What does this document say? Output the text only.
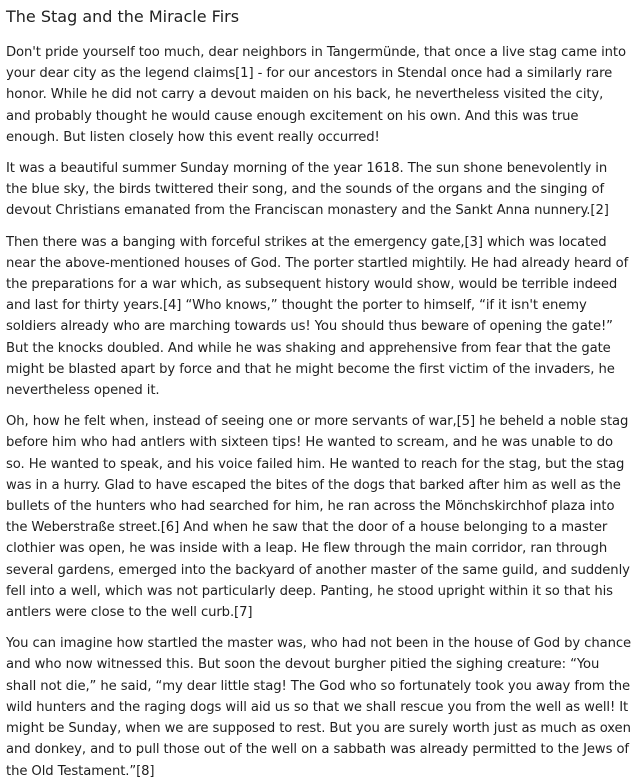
The Stag and the Miracle Firs

Don't pride yourself too much, dear neighbors in Tangermünde, that once a live stag came into your dear city as the legend claims[1] - for our ancestors in Stendal once had a similarly rare honor. While he did not carry a devout maiden on his back, he nevertheless visited the city, and probably thought he would cause enough excitement on his own. And this was true enough. But listen closely how this event really occurred!

It was a beautiful summer Sunday morning of the year 1618. The sun shone benevolently in the blue sky, the birds twittered their song, and the sounds of the organs and the singing of devout Christians emanated from the Franciscan monastery and the Sankt Anna nunnery.[2]

Then there was a banging with forceful strikes at the emergency gate,[3] which was located near the above-mentioned houses of God. The porter startled mightily. He had already heard of the preparations for a war which, as subsequent history would show, would be terrible indeed and last for thirty years.[4] “Who knows,” thought the porter to himself, “if it isn't enemy soldiers already who are marching towards us! You should thus beware of opening the gate!” But the knocks doubled. And while he was shaking and apprehensive from fear that the gate might be blasted apart by force and that he might become the first victim of the invaders, he nevertheless opened it.

Oh, how he felt when, instead of seeing one or more servants of war,[5] he beheld a noble stag before him who had antlers with sixteen tips! He wanted to scream, and he was unable to do so. He wanted to speak, and his voice failed him. He wanted to reach for the stag, but the stag was in a hurry. Glad to have escaped the bites of the dogs that barked after him as well as the bullets of the hunters who had searched for him, he ran across the Mönchskirchhof plaza into the Weberstraße street.[6] And when he saw that the door of a house belonging to a master clothier was open, he was inside with a leap. He flew through the main corridor, ran through several gardens, emerged into the backyard of another master of the same guild, and suddenly fell into a well, which was not particularly deep. Panting, he stood upright within it so that his antlers were close to the well curb.[7]

You can imagine how startled the master was, who had not been in the house of God by chance and who now witnessed this. But soon the devout burgher pitied the sighing creature: “You shall not die,” he said, “my dear little stag! The God who so fortunately took you away from the wild hunters and the raging dogs will aid us so that we shall rescue you from the well as well! It might be Sunday, when we are supposed to rest. But you are surely worth just as much as oxen and donkey, and to pull those out of the well on a sabbath was already permitted to the Jews of the Old Testament.”[8]
